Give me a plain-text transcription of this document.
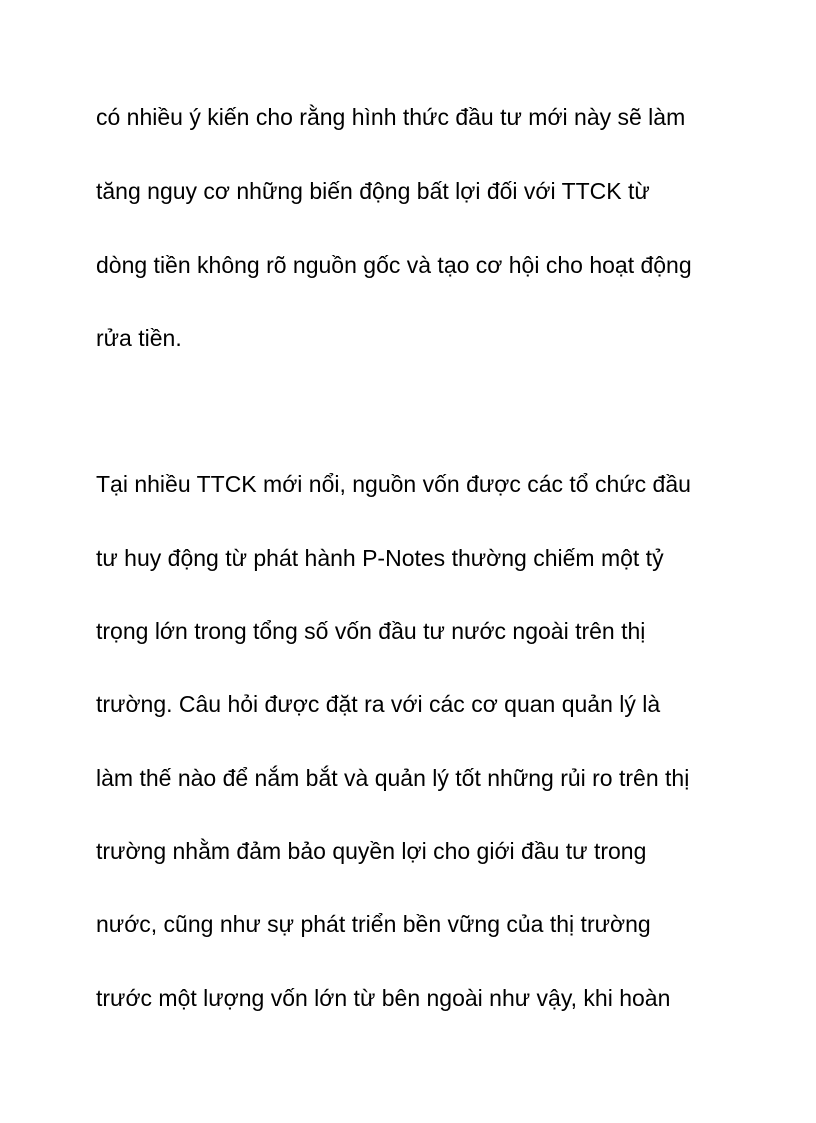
có nhiều ý kiến cho rằng hình thức đầu tư mới này sẽ làm

tăng nguy cơ những biến động bất lợi đối với TTCK từ

dòng tiền không rõ nguồn gốc và tạo cơ hội cho hoạt động

rửa tiền.

Tại nhiều TTCK mới nổi, nguồn vốn được các tổ chức đầu

tư huy động từ phát hành P-Notes thường chiếm một tỷ

trọng lớn trong tổng số vốn đầu tư nước ngoài trên thị

trường. Câu hỏi được đặt ra với các cơ quan quản lý là

làm thế nào để nắm bắt và quản lý tốt những rủi ro trên thị

trường nhằm đảm bảo quyền lợi cho giới đầu tư trong

nước, cũng như sự phát triển bền vững của thị trường

trước một lượng vốn lớn từ bên ngoài như vậy, khi hoàn
